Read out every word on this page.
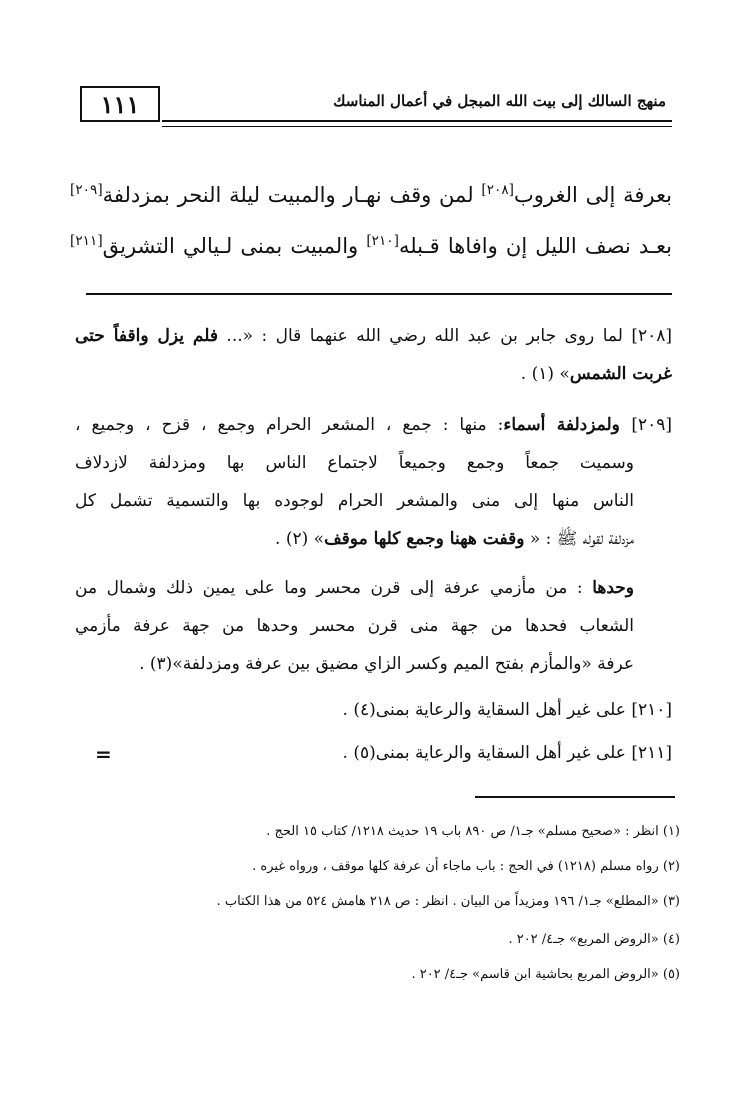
منهج السالك إلى بيت الله المبجل في أعمال المناسك
١١١
بعرفة إلى الغروب[٢٠٨] لمن وقف نهـار والمبيت ليلة النحر بمزدلفة[٢٠٩]
بعـد نصف الليل إن وافاها قـبله[٢١٠] والمبيت بمنى لـيالي التشريق[٢١١]
[٢٠٨] لما روى جابر بن عبد الله رضي الله عنهما قال : «... فلم يزل واقفاً حتى
غربت الشمس» (١) .
[٢٠٩] ولمزدلفة أسماء: منها : جمع ، المشعر الحرام وجمع ، قزح ، وجميع ،
وسميت جمعاً وجمع وجميعاً لاجتماع الناس بها ومزدلفة لازدلاف
الناس منها إلى منى والمشعر الحرام لوجوده بها والتسمية تشمل كل
مزدلفة لقوله ﷺ : « وقفت ههنا وجمع كلها موقف» (٢) .
وحدها : من مأزمي عرفة إلى قرن محسر وما على يمين ذلك وشمال من
الشعاب فحدها من جهة منى قرن محسر وحدها من جهة عرفة مأزمي
عرفة «والمأزم بفتح الميم وكسر الزاي مضيق بين عرفة ومزدلفة»(٣) .
[٢١٠] على غير أهل السقاية والرعاية بمنى(٤) .
[٢١١] على غير أهل السقاية والرعاية بمنى(٥) .
=
(١) انظر : «صحيح مسلم» جـ١/ ص ٨٩٠ باب ١٩ حديث ١٢١٨/ كتاب ١٥ الحج .
(٢) رواه مسلم (١٢١٨) في الحج : باب ماجاء أن عرفة كلها موقف ، ورواه غيره .
(٣) «المطلع» جـ١/ ١٩٦ ومزيداً من البيان . انظر : ص ٢١٨ هامش ٥٢٤ من هذا الكتاب .
(٤) «الروض المربع» جـ٤/ ٢٠٢ .
(٥) «الروض المربع بحاشية ابن قاسم» جـ٤/ ٢٠٢ .
